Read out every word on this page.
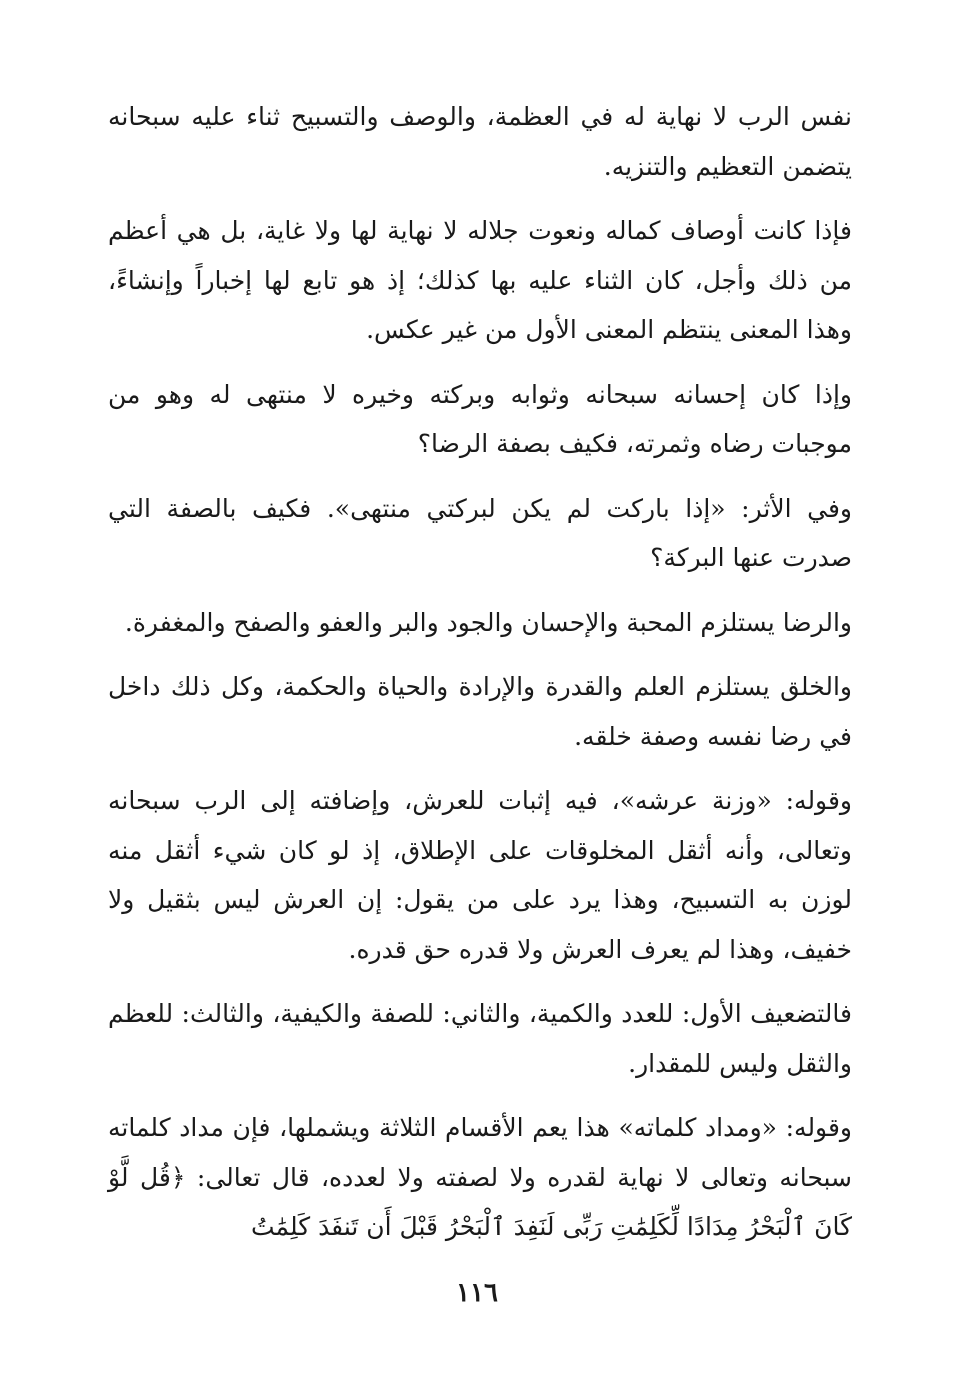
نفس الرب لا نهاية له في العظمة، والوصف والتسبيح ثناء عليه سبحانه يتضمن التعظيم والتنزيه.

فإذا كانت أوصاف كماله ونعوت جلاله لا نهاية لها ولا غاية، بل هي أعظم من ذلك وأجل، كان الثناء عليه بها كذلك؛ إذ هو تابع لها إخباراً وإنشاءً، وهذا المعنى ينتظم المعنى الأول من غير عكس.

وإذا كان إحسانه سبحانه وثوابه وبركته وخيره لا منتهى له وهو من موجبات رضاه وثمرته، فكيف بصفة الرضا؟

وفي الأثر: «إذا باركت لم يكن لبركتي منتهى». فكيف بالصفة التي صدرت عنها البركة؟

والرضا يستلزم المحبة والإحسان والجود والبر والعفو والصفح والمغفرة.

والخلق يستلزم العلم والقدرة والإرادة والحياة والحكمة، وكل ذلك داخل في رضا نفسه وصفة خلقه.

وقوله: «وزنة عرشه»، فيه إثبات للعرش، وإضافته إلى الرب سبحانه وتعالى، وأنه أثقل المخلوقات على الإطلاق، إذ لو كان شيء أثقل منه لوزن به التسبيح، وهذا يرد على من يقول: إن العرش ليس بثقيل ولا خفيف، وهذا لم يعرف العرش ولا قدره حق قدره.

فالتضعيف الأول: للعدد والكمية، والثاني: للصفة والكيفية، والثالث: للعظم والثقل وليس للمقدار.

وقوله: «ومداد كلماته» هذا يعم الأقسام الثلاثة ويشملها، فإن مداد كلماته سبحانه وتعالى لا نهاية لقدره ولا لصفته ولا لعدده، قال تعالى: ﴿قُل لَّوْ كَانَ ٱلْبَحْرُ مِدَادًا لِّكَلِمَٰتِ رَبِّى لَنَفِدَ ٱلْبَحْرُ قَبْلَ أَن تَنفَدَ كَلِمَٰتُ

١١٦
